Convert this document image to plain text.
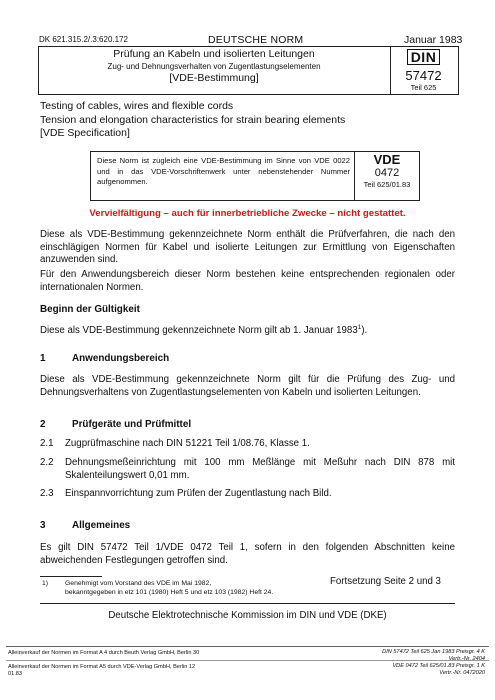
DK 621.315.2/.3:620.172	DEUTSCHE NORM	Januar 1983
Prüfung an Kabeln und isolierten Leitungen
Zug- und Dehnungsverhalten von Zugentlastungselementen
[VDE-Bestimmung]
DIN
57472
Teil 625
Testing of cables, wires and flexible cords
Tension and elongation characteristics for strain bearing elements
[VDE Specification]
Diese Norm ist zugleich eine VDE-Bestimmung im Sinne von VDE 0022 und in das VDE-Vorschriftenwerk unter nebenstehender Nummer aufgenommen.
VDE
0472
Teil 625/01.83
Vervielfältigung – auch für innerbetriebliche Zwecke – nicht gestattet.
Diese als VDE-Bestimmung gekennzeichnete Norm enthält die Prüfverfahren, die nach den einschlägigen Normen für Kabel und isolierte Leitungen zur Ermittlung von Eigenschaften anzuwenden sind.
Für den Anwendungsbereich dieser Norm bestehen keine entsprechenden regionalen oder internationalen Normen.
Beginn der Gültigkeit
Diese als VDE-Bestimmung gekennzeichnete Norm gilt ab 1. Januar 1983$^1$).
1	Anwendungsbereich
Diese als VDE-Bestimmung gekennzeichnete Norm gilt für die Prüfung des Zug- und Dehnungsverhaltens von Zugentlastungselementen von Kabeln und isolierten Leitungen.
2	Prüfgeräte und Prüfmittel
2.1 Zugprüfmaschine nach DIN 51221 Teil 1/08.76, Klasse 1.
2.2 Dehnungsmeßeinrichtung mit 100 mm Meßlänge mit Meßuhr nach DIN 878 mit Skalenteilungswert 0,01 mm.
2.3 Einspannvorrichtung zum Prüfen der Zugentlastung nach Bild.
3	Allgemeines
Es gilt DIN 57472 Teil 1/VDE 0472 Teil 1, sofern in den folgenden Abschnitten keine abweichenden Festlegungen getroffen sind.
1) Genehmigt vom Vorstand des VDE im Mai 1982,
bekanntgegeben in etz 101 (1980) Heft 5 und etz 103 (1982) Heft 24.
Fortsetzung Seite 2 und 3
Deutsche Elektrotechnische Kommission im DIN und VDE (DKE)
Alleinverkauf der Normen im Format A 4 durch Beuth Verlag GmbH, Berlin 30
Alleinverkauf der Normen im Format A5 durch VDE-Verlag GmbH, Berlin 12
01.83
DIN 57472 Teil 625 Jan 1983 Preisgr. 4 K
Vertr.-Nr. 2404
VDE 0472 Teil 625/01.83 Preisgr. 1 K
Vertr.-Nr. 0472020
